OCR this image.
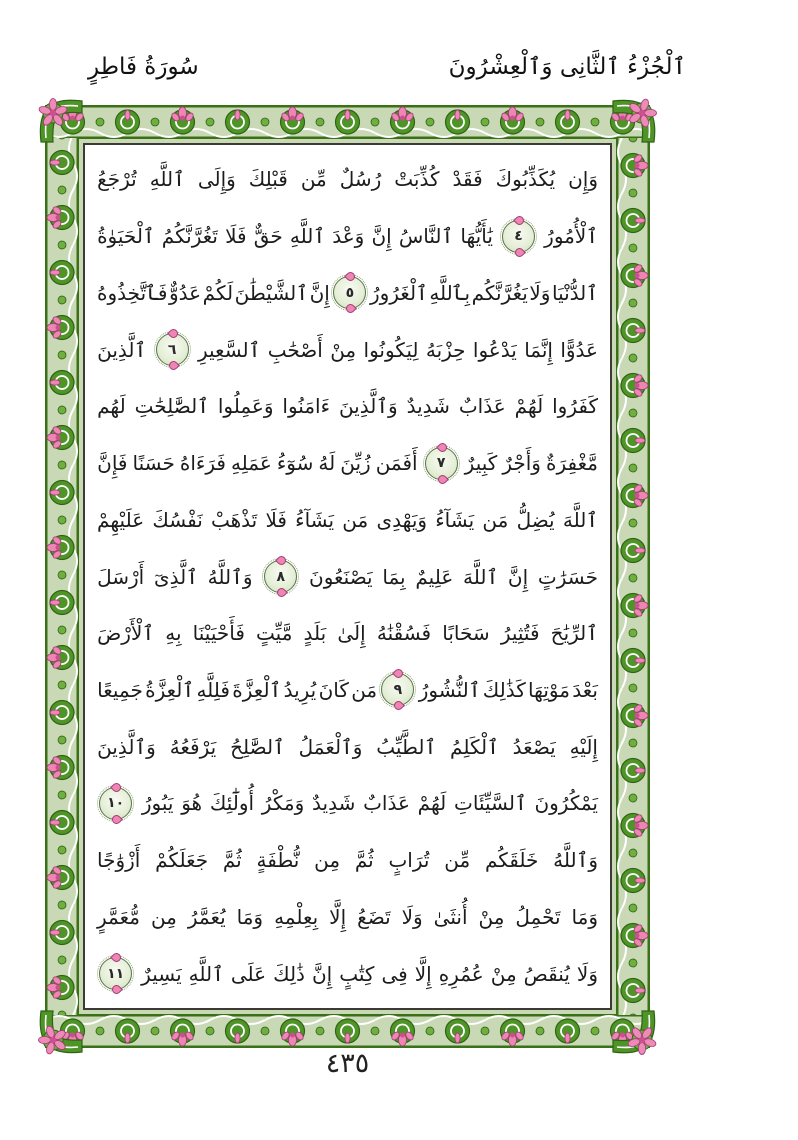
ٱلْجُزْءُ ٱلثَّانِى وَٱلْعِشْرُونَ
سُورَةُ فَاطِرٍ
وَإِن
يُكَذِّبُوكَ
فَقَدْ
كُذِّبَتْ
رُسُلٌ
مِّن
قَبْلِكَ
وَإِلَى
ٱللَّهِ
تُرْجَعُ
ٱلْأُمُورُ
٤
يَٰأَيُّهَا
ٱلنَّاسُ
إِنَّ
وَعْدَ
ٱللَّهِ
حَقٌّ
فَلَا
تَغُرَّنَّكُمُ
ٱلْحَيَوٰةُ
ٱلدُّنْيَا
وَلَا
يَغُرَّنَّكُم
بِٱللَّهِ
ٱلْغَرُورُ
٥
إِنَّ
ٱلشَّيْطَٰنَ
لَكُمْ
عَدُوٌّ
فَٱتَّخِذُوهُ
عَدُوًّا
إِنَّمَا
يَدْعُوا
حِزْبَهُ
لِيَكُونُوا
مِنْ
أَصْحَٰبِ
ٱلسَّعِيرِ
٦
ٱلَّذِينَ
كَفَرُوا
لَهُمْ
عَذَابٌ
شَدِيدٌ
وَٱلَّذِينَ
ءَامَنُوا
وَعَمِلُوا
ٱلصَّٰلِحَٰتِ
لَهُم
مَّغْفِرَةٌ
وَأَجْرٌ
كَبِيرٌ
٧
أَفَمَن
زُيِّنَ
لَهُ
سُوٓءُ
عَمَلِهِ
فَرَءَاهُ
حَسَنًا
فَإِنَّ
ٱللَّهَ
يُضِلُّ
مَن
يَشَآءُ
وَيَهْدِى
مَن
يَشَآءُ
فَلَا
تَذْهَبْ
نَفْسُكَ
عَلَيْهِمْ
حَسَرَٰتٍ
إِنَّ
ٱللَّهَ
عَلِيمٌ
بِمَا
يَصْنَعُونَ
٨
وَٱللَّهُ
ٱلَّذِىٓ
أَرْسَلَ
ٱلرِّيَٰحَ
فَتُثِيرُ
سَحَابًا
فَسُقْنَٰهُ
إِلَىٰ
بَلَدٍ
مَّيِّتٍ
فَأَحْيَيْنَا
بِهِ
ٱلْأَرْضَ
بَعْدَ
مَوْتِهَا
كَذَٰلِكَ
ٱلنُّشُورُ
٩
مَن
كَانَ
يُرِيدُ
ٱلْعِزَّةَ
فَلِلَّهِ
ٱلْعِزَّةُ
جَمِيعًا
إِلَيْهِ
يَصْعَدُ
ٱلْكَلِمُ
ٱلطَّيِّبُ
وَٱلْعَمَلُ
ٱلصَّٰلِحُ
يَرْفَعُهُ
وَٱلَّذِينَ
يَمْكُرُونَ
ٱلسَّيِّئَاتِ
لَهُمْ
عَذَابٌ
شَدِيدٌ
وَمَكْرُ
أُولَٰٓئِكَ
هُوَ
يَبُورُ
١٠
وَٱللَّهُ
خَلَقَكُم
مِّن
تُرَابٍ
ثُمَّ
مِن
نُّطْفَةٍ
ثُمَّ
جَعَلَكُمْ
أَزْوَٰجًا
وَمَا
تَحْمِلُ
مِنْ
أُنثَىٰ
وَلَا
تَضَعُ
إِلَّا
بِعِلْمِهِ
وَمَا
يُعَمَّرُ
مِن
مُّعَمَّرٍ
وَلَا
يُنقَصُ
مِنْ
عُمُرِهِ
إِلَّا
فِى
كِتَٰبٍ
إِنَّ
ذَٰلِكَ
عَلَى
ٱللَّهِ
يَسِيرٌ
١١
٤٣٥
